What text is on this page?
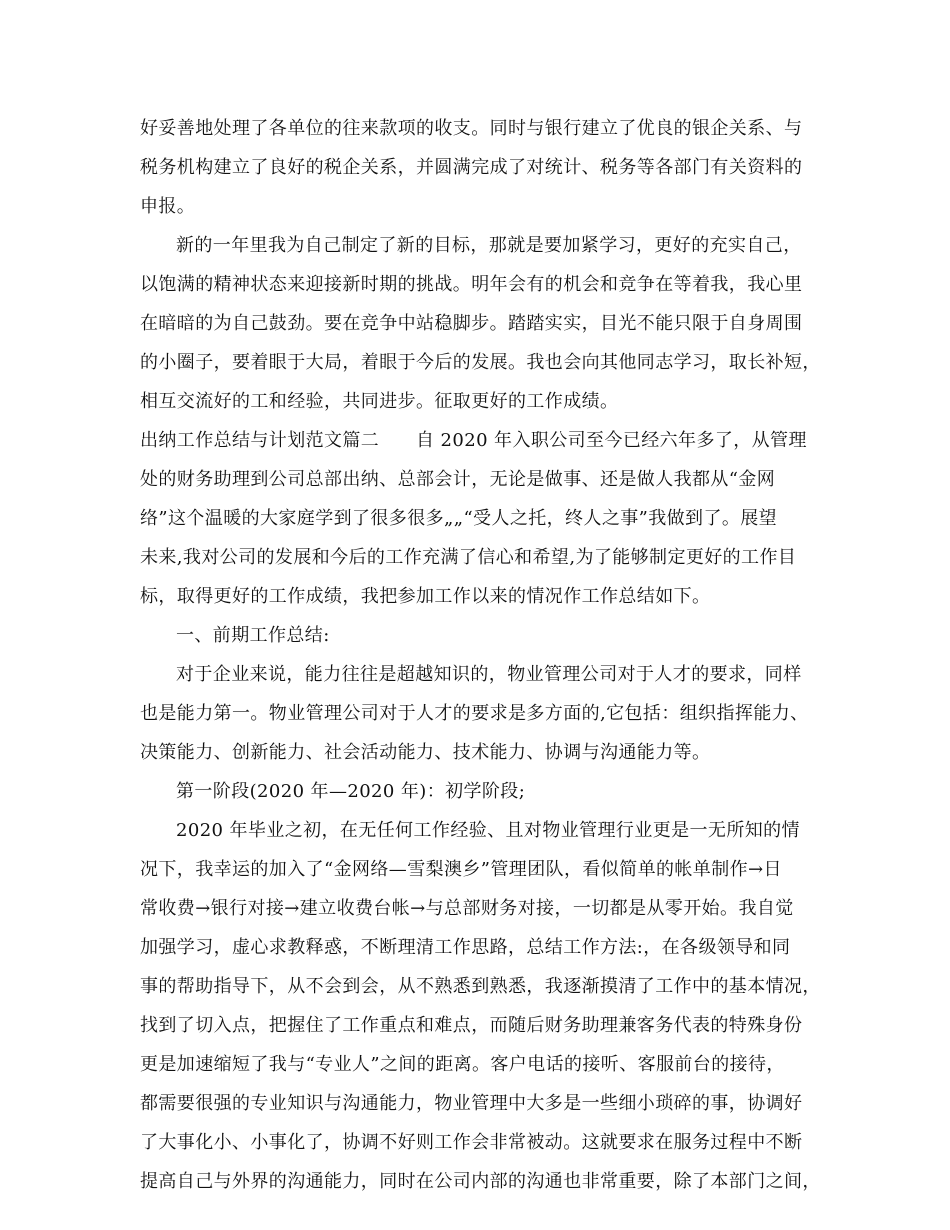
好妥善地处理了各单位的往来款项的收支。同时与银行建立了优良的银企关系、与
税务机构建立了良好的税企关系，并圆满完成了对统计、税务等各部门有关资料的
申报。
新的一年里我为自己制定了新的目标，那就是要加紧学习，更好的充实自己，
以饱满的精神状态来迎接新时期的挑战。明年会有的机会和竞争在等着我，我心里
在暗暗的为自己鼓劲。要在竞争中站稳脚步。踏踏实实，目光不能只限于自身周围
的小圈子，要着眼于大局，着眼于今后的发展。我也会向其他同志学习，取长补短，
相互交流好的工和经验，共同进步。征取更好的工作成绩。
出纳工作总结与计划范文篇二　　自 2020 年入职公司至今已经六年多了，从管理
处的财务助理到公司总部出纳、总部会计，无论是做事、还是做人我都从“金网
络”这个温暖的大家庭学到了很多很多„„“受人之托，终人之事”我做到了。展望
未来,我对公司的发展和今后的工作充满了信心和希望,为了能够制定更好的工作目
标，取得更好的工作成绩，我把参加工作以来的情况作工作总结如下。
一、前期工作总结:
对于企业来说，能力往往是超越知识的，物业管理公司对于人才的要求，同样
也是能力第一。物业管理公司对于人才的要求是多方面的,它包括：组织指挥能力、
决策能力、创新能力、社会活动能力、技术能力、协调与沟通能力等。
第一阶段(2020 年—2020 年)：初学阶段;
2020 年毕业之初，在无任何工作经验、且对物业管理行业更是一无所知的情
况下，我幸运的加入了“金网络—雪梨澳乡”管理团队，看似简单的帐单制作→日
常收费→银行对接→建立收费台帐→与总部财务对接，一切都是从零开始。我自觉
加强学习，虚心求教释惑，不断理清工作思路，总结工作方法:，在各级领导和同
事的帮助指导下，从不会到会，从不熟悉到熟悉，我逐渐摸清了工作中的基本情况，
找到了切入点，把握住了工作重点和难点，而随后财务助理兼客务代表的特殊身份
更是加速缩短了我与“专业人”之间的距离。客户电话的接听、客服前台的接待，
都需要很强的专业知识与沟通能力，物业管理中大多是一些细小琐碎的事，协调好
了大事化小、小事化了，协调不好则工作会非常被动。这就要求在服务过程中不断
提高自己与外界的沟通能力，同时在公司内部的沟通也非常重要，除了本部门之间，
